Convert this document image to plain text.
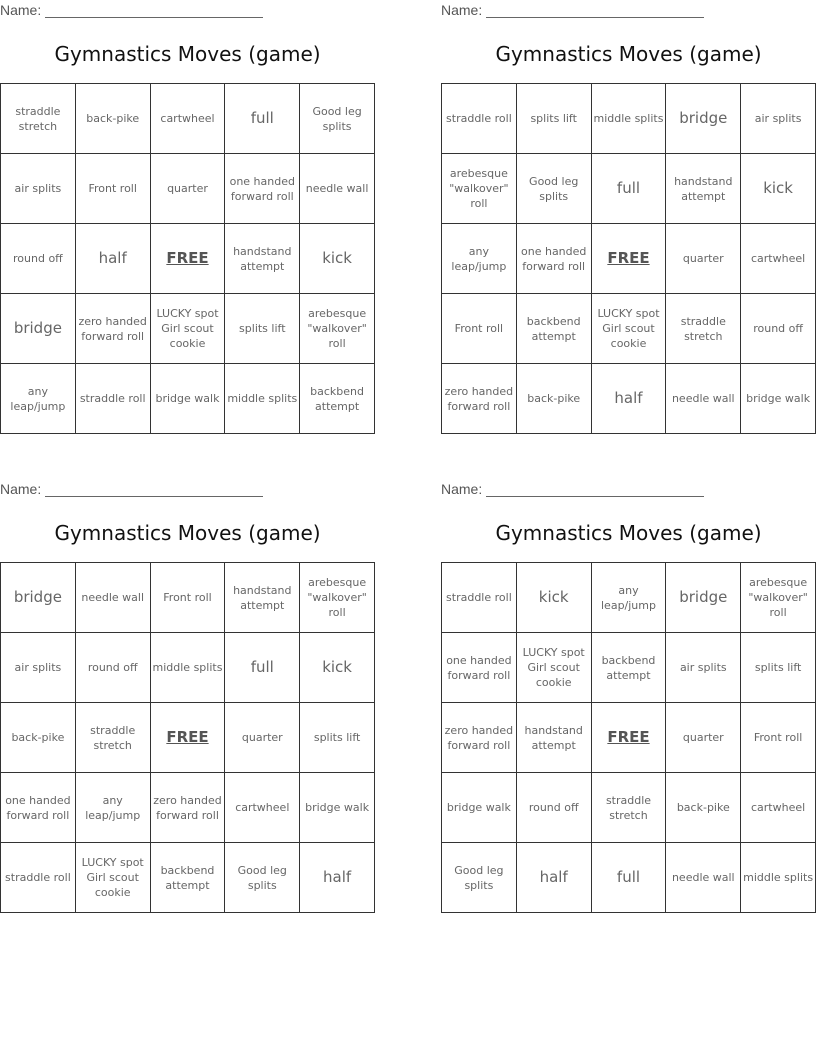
Name:
Gymnastics Moves (game)
straddle stretch	back-pike	cartwheel	full	Good leg splits
air splits	Front roll	quarter	one handed forward roll	needle wall
round off	half	FREE	handstand attempt	kick
bridge	zero handed forward roll	LUCKY spot Girl scout cookie	splits lift	arebesque "walkover" roll
any leap/jump	straddle roll	bridge walk	middle splits	backbend attempt
Name:
Gymnastics Moves (game)
straddle roll	splits lift	middle splits	bridge	air splits
arebesque "walkover" roll	Good leg splits	full	handstand attempt	kick
any leap/jump	one handed forward roll	FREE	quarter	cartwheel
Front roll	backbend attempt	LUCKY spot Girl scout cookie	straddle stretch	round off
zero handed forward roll	back-pike	half	needle wall	bridge walk
Name:
Gymnastics Moves (game)
bridge	needle wall	Front roll	handstand attempt	arebesque "walkover" roll
air splits	round off	middle splits	full	kick
back-pike	straddle stretch	FREE	quarter	splits lift
one handed forward roll	any leap/jump	zero handed forward roll	cartwheel	bridge walk
straddle roll	LUCKY spot Girl scout cookie	backbend attempt	Good leg splits	half
Name:
Gymnastics Moves (game)
straddle roll	kick	any leap/jump	bridge	arebesque "walkover" roll
one handed forward roll	LUCKY spot Girl scout cookie	backbend attempt	air splits	splits lift
zero handed forward roll	handstand attempt	FREE	quarter	Front roll
bridge walk	round off	straddle stretch	back-pike	cartwheel
Good leg splits	half	full	needle wall	middle splits
